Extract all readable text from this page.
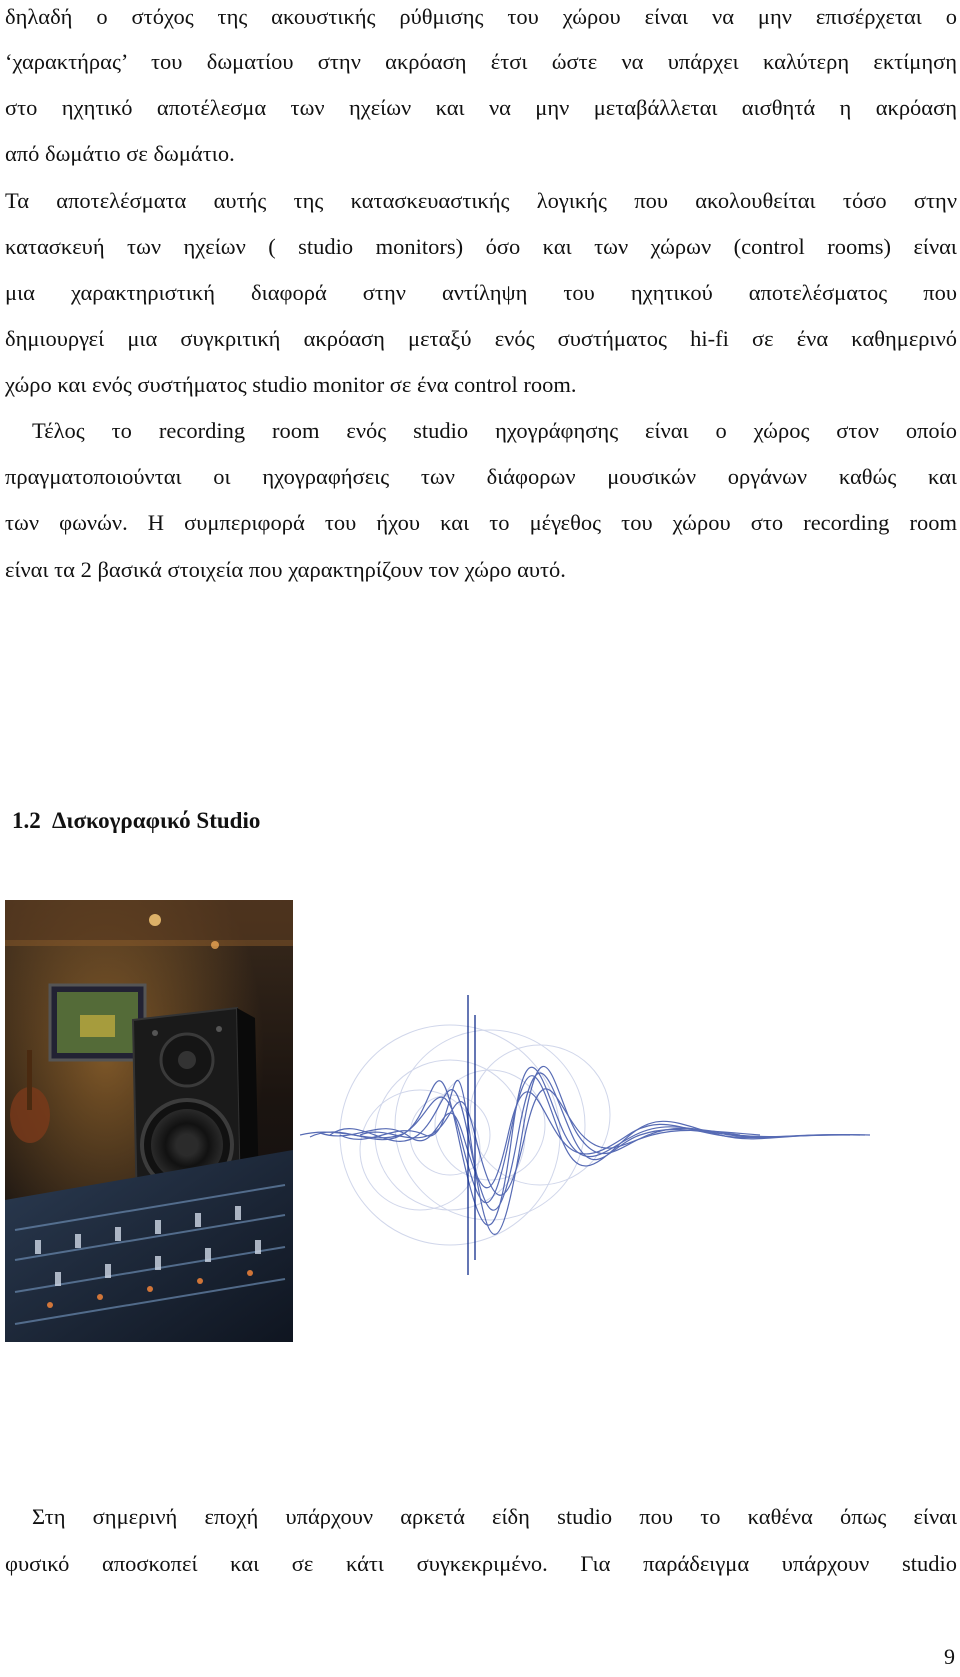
δηλαδή ο στόχος της ακουστικής ρύθμισης του χώρου είναι να μην επισέρχεται ο
‘χαρακτήρας’ του δωματίου στην ακρόαση έτσι ώστε να υπάρχει καλύτερη εκτίμηση
στο ηχητικό αποτέλεσμα των ηχείων και να μην μεταβάλλεται αισθητά η ακρόαση
από δωμάτιο σε δωμάτιο.
Τα αποτελέσματα αυτής της κατασκευαστικής λογικής που ακολουθείται τόσο στην
κατασκευή των ηχείων ( studio monitors) όσο και των χώρων (control rooms) είναι
μια χαρακτηριστική διαφορά στην αντίληψη του ηχητικού αποτελέσματος που
δημιουργεί μια συγκριτική ακρόαση μεταξύ ενός συστήματος hi-fi σε ένα καθημερινό
χώρο και ενός συστήματος studio monitor σε ένα control room.
Τέλος το recording room ενός studio ηχογράφησης είναι ο χώρος στον οποίο
πραγματοποιούνται οι ηχογραφήσεις των διάφορων μουσικών οργάνων καθώς και
των φωνών. Η συμπεριφορά του ήχου και το μέγεθος του χώρου στο recording room
είναι τα 2 βασικά στοιχεία που χαρακτηρίζουν τον χώρο αυτό.
1.2 Δισκογραφικό Studio
Στη σημερινή εποχή υπάρχουν αρκετά είδη studio που το καθένα όπως είναι
φυσικό αποσκοπεί και σε κάτι συγκεκριμένο. Για παράδειγμα υπάρχουν studio
9
